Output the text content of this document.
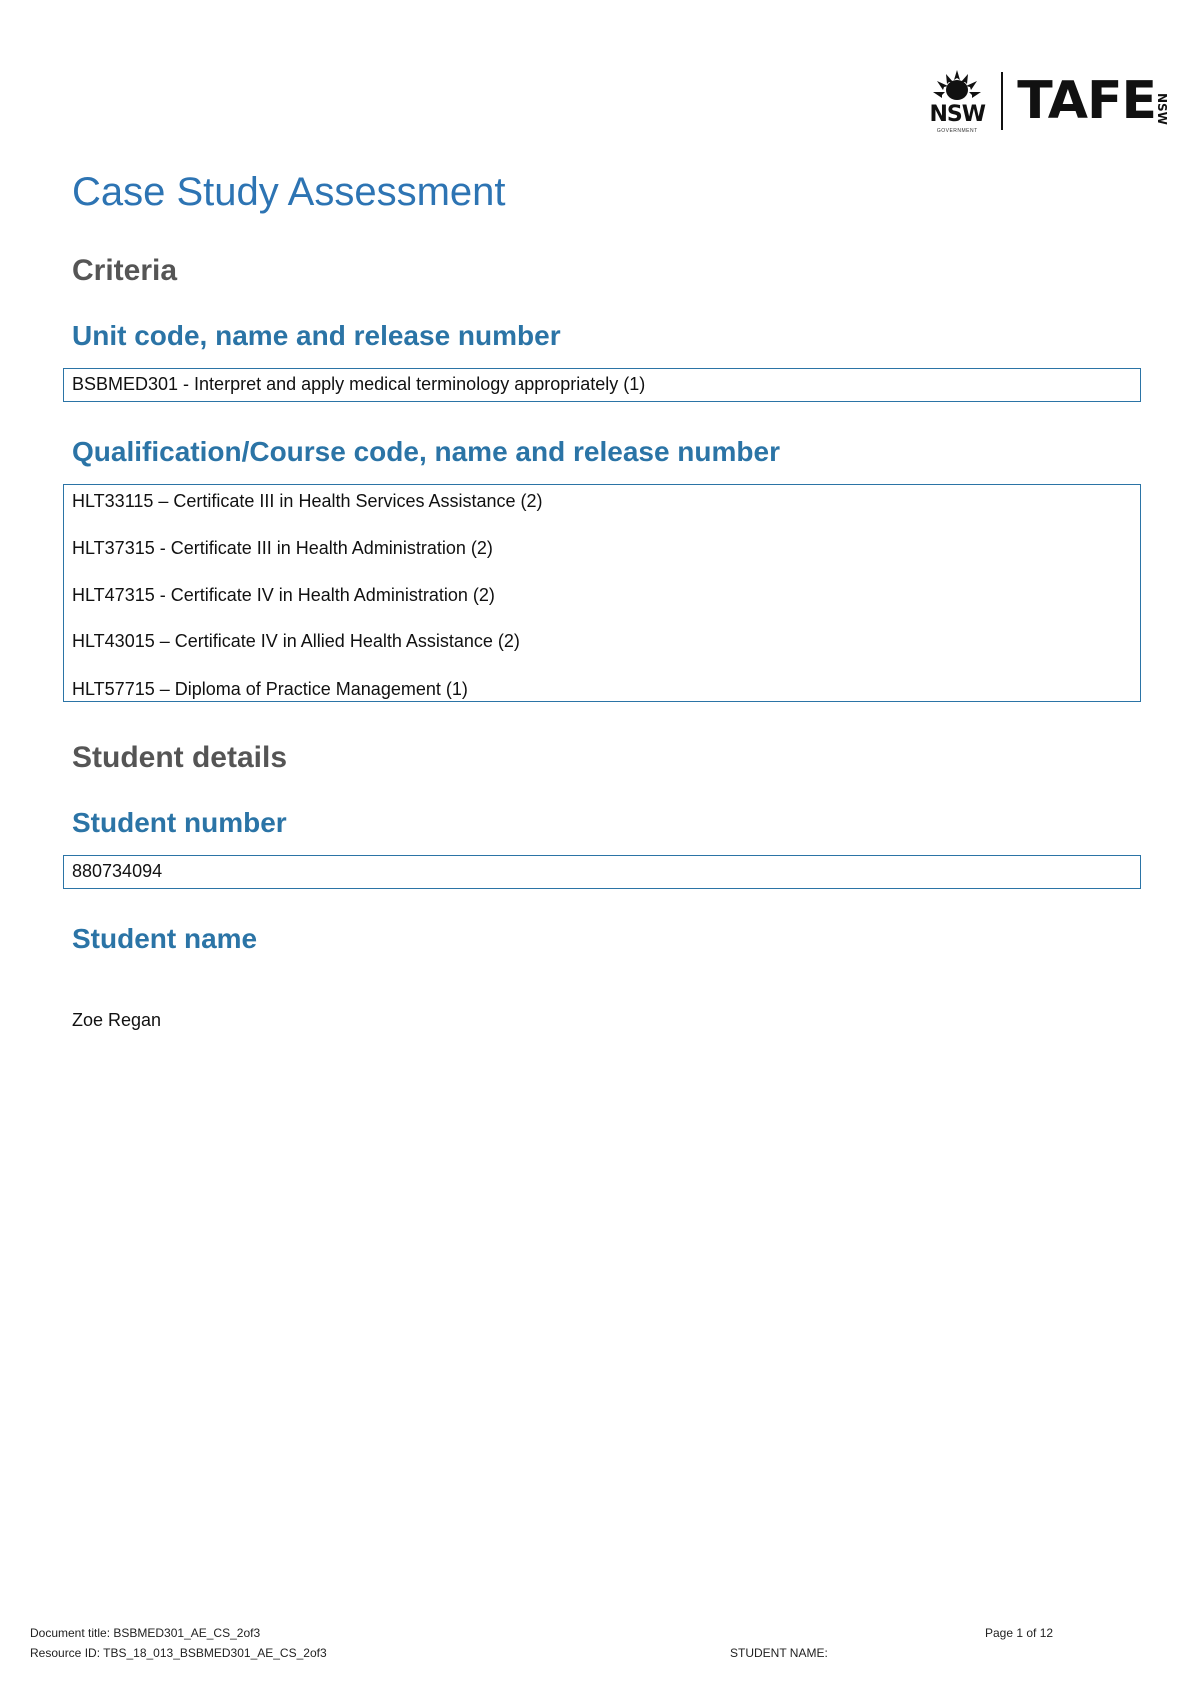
NSW
GOVERNMENT TAFE NSW
Case Study Assessment
Criteria
Unit code, name and release number
BSBMED301 - Interpret and apply medical terminology appropriately (1)
Qualification/Course code, name and release number
HLT33115 – Certificate III in Health Services Assistance (2)
HLT37315 - Certificate III in Health Administration (2)
HLT47315 - Certificate IV in Health Administration (2)
HLT43015 – Certificate IV in Allied Health Assistance (2)
HLT57715 – Diploma of Practice Management (1)
Student details
Student number
880734094
Student name
Zoe Regan
Document title: BSBMED301_AE_CS_2of3	Page 1 of 12
Resource ID: TBS_18_013_BSBMED301_AE_CS_2of3	STUDENT NAME:
